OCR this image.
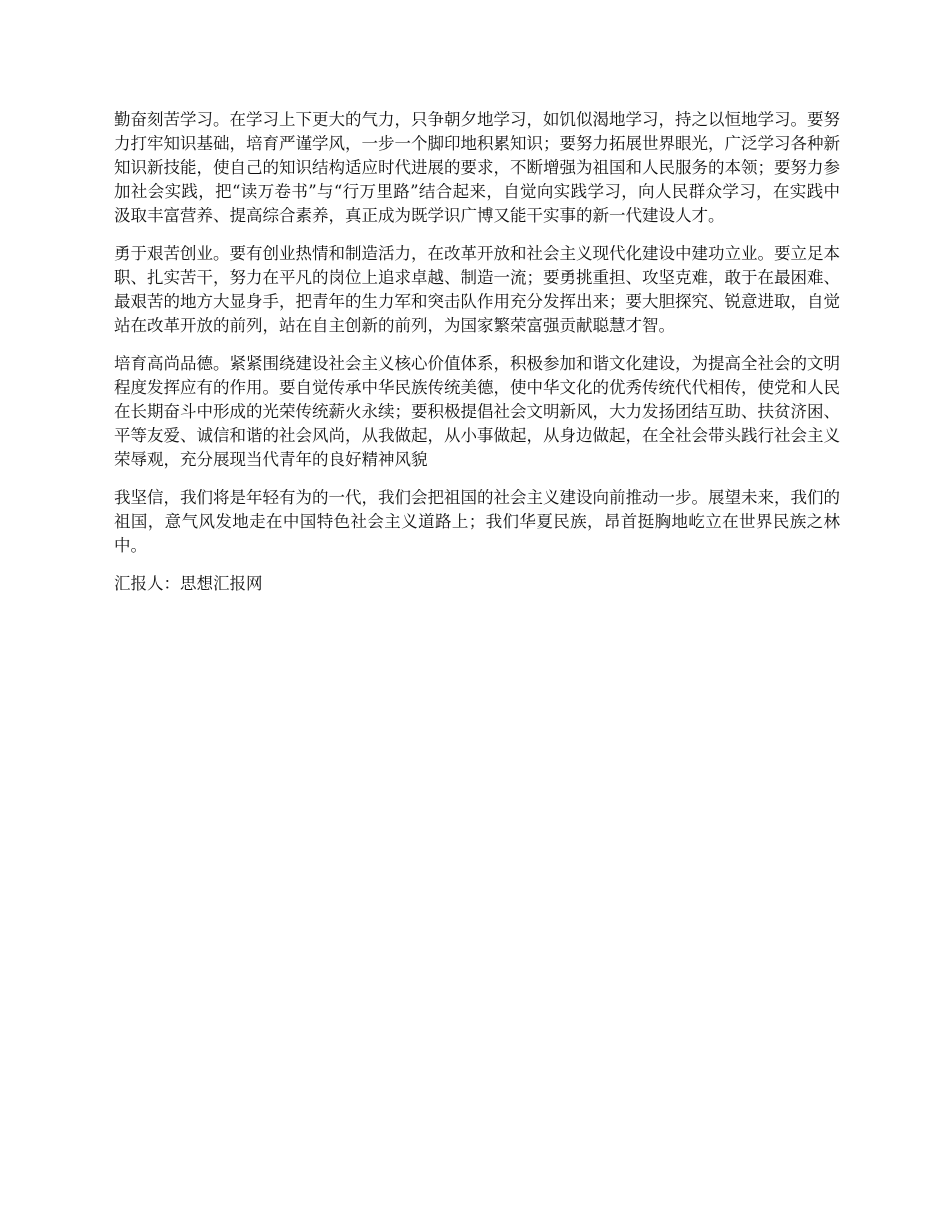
勤奋刻苦学习。在学习上下更大的气力，只争朝夕地学习，如饥似渴地学习，持之以恒地学习。要努力打牢知识基础，培育严谨学风，一步一个脚印地积累知识；要努力拓展世界眼光，广泛学习各种新知识新技能，使自己的知识结构适应时代进展的要求，不断增强为祖国和人民服务的本领；要努力参加社会实践，把“读万卷书”与“行万里路”结合起来，自觉向实践学习，向人民群众学习，在实践中汲取丰富营养、提高综合素养，真正成为既学识广博又能干实事的新一代建设人才。

勇于艰苦创业。要有创业热情和制造活力，在改革开放和社会主义现代化建设中建功立业。要立足本职、扎实苦干，努力在平凡的岗位上追求卓越、制造一流；要勇挑重担、攻坚克难，敢于在最困难、最艰苦的地方大显身手，把青年的生力军和突击队作用充分发挥出来；要大胆探究、锐意进取，自觉站在改革开放的前列，站在自主创新的前列，为国家繁荣富强贡献聪慧才智。

培育高尚品德。紧紧围绕建设社会主义核心价值体系，积极参加和谐文化建设，为提高全社会的文明程度发挥应有的作用。要自觉传承中华民族传统美德，使中华文化的优秀传统代代相传，使党和人民在长期奋斗中形成的光荣传统薪火永续；要积极提倡社会文明新风，大力发扬团结互助、扶贫济困、平等友爱、诚信和谐的社会风尚，从我做起，从小事做起，从身边做起，在全社会带头践行社会主义荣辱观，充分展现当代青年的良好精神风貌

我坚信，我们将是年轻有为的一代，我们会把祖国的社会主义建设向前推动一步。展望未来，我们的祖国，意气风发地走在中国特色社会主义道路上；我们华夏民族，昂首挺胸地屹立在世界民族之林中。

汇报人：思想汇报网
